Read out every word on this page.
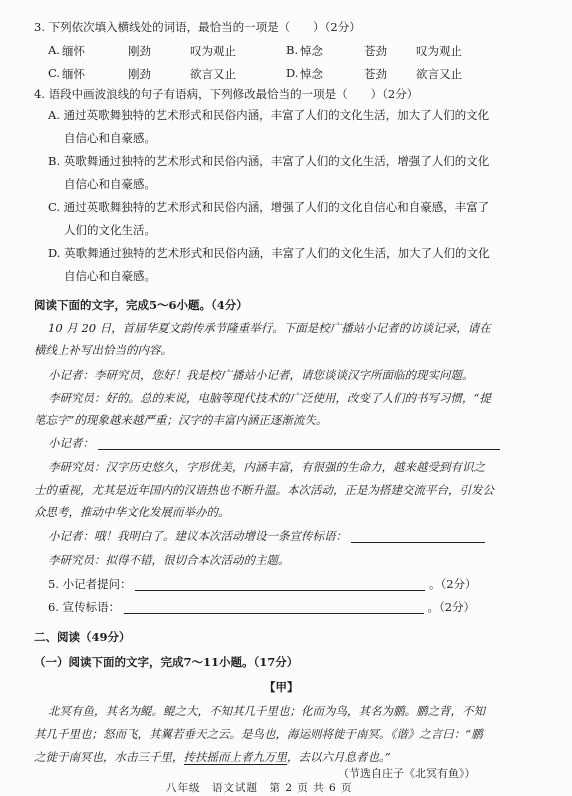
3. 下列依次填入横线处的词语，最恰当的一项是（　　）（2分）
A. 缅怀	刚劲	叹为观止	B. 悼念	苍劲	叹为观止
C. 缅怀	刚劲	欲言又止	D. 悼念	苍劲	欲言又止
4. 语段中画波浪线的句子有语病，下列修改最恰当的一项是（　　）（2分）
A. 通过英歌舞独特的艺术形式和民俗内涵，丰富了人们的文化生活，加大了人们的文化
自信心和自豪感。
B. 英歌舞通过独特的艺术形式和民俗内涵，丰富了人们的文化生活，增强了人们的文化
自信心和自豪感。
C. 通过英歌舞独特的艺术形式和民俗内涵，增强了人们的文化自信心和自豪感，丰富了
人们的文化生活。
D. 英歌舞通过独特的艺术形式和民俗内涵，丰富了人们的文化生活，加大了人们的文化
自信心和自豪感。
阅读下面的文字，完成5～6小题。（4分）
10 月 20 日，首届华夏文韵传承节隆重举行。下面是校广播站小记者的访谈记录，请在
横线上补写出恰当的内容。
小记者：李研究员，您好！我是校广播站小记者，请您谈谈汉字所面临的现实问题。
李研究员：好的。总的来说，电脑等现代技术的广泛使用，改变了人们的书写习惯，“提
笔忘字”的现象越来越严重；汉字的丰富内涵正逐渐流失。
小记者：
李研究员：汉字历史悠久，字形优美，内涵丰富，有很强的生命力，越来越受到有识之
士的重视，尤其是近年国内的汉语热也不断升温。本次活动，正是为搭建交流平台，引发公
众思考，推动中华文化发展而举办的。
小记者：哦！我明白了。建议本次活动增设一条宣传标语：
李研究员：拟得不错，很切合本次活动的主题。
5. 小记者提问：	。（2分）
6. 宣传标语：	。（2分）
二、阅读（49分）
（一）阅读下面的文字，完成7～11小题。（17分）
【甲】
北冥有鱼，其名为鲲。鲲之大，不知其几千里也；化而为鸟，其名为鹏。鹏之背，不知
其几千里也；怒而飞，其翼若垂天之云。是鸟也，海运则将徙于南冥。《谐》之言曰：“鹏
之徙于南冥也，水击三千里，抟扶摇而上者九万里，去以六月息者也。”
（节选自庄子《北冥有鱼》）
八年级　语文试题　第 2 页 共 6 页
